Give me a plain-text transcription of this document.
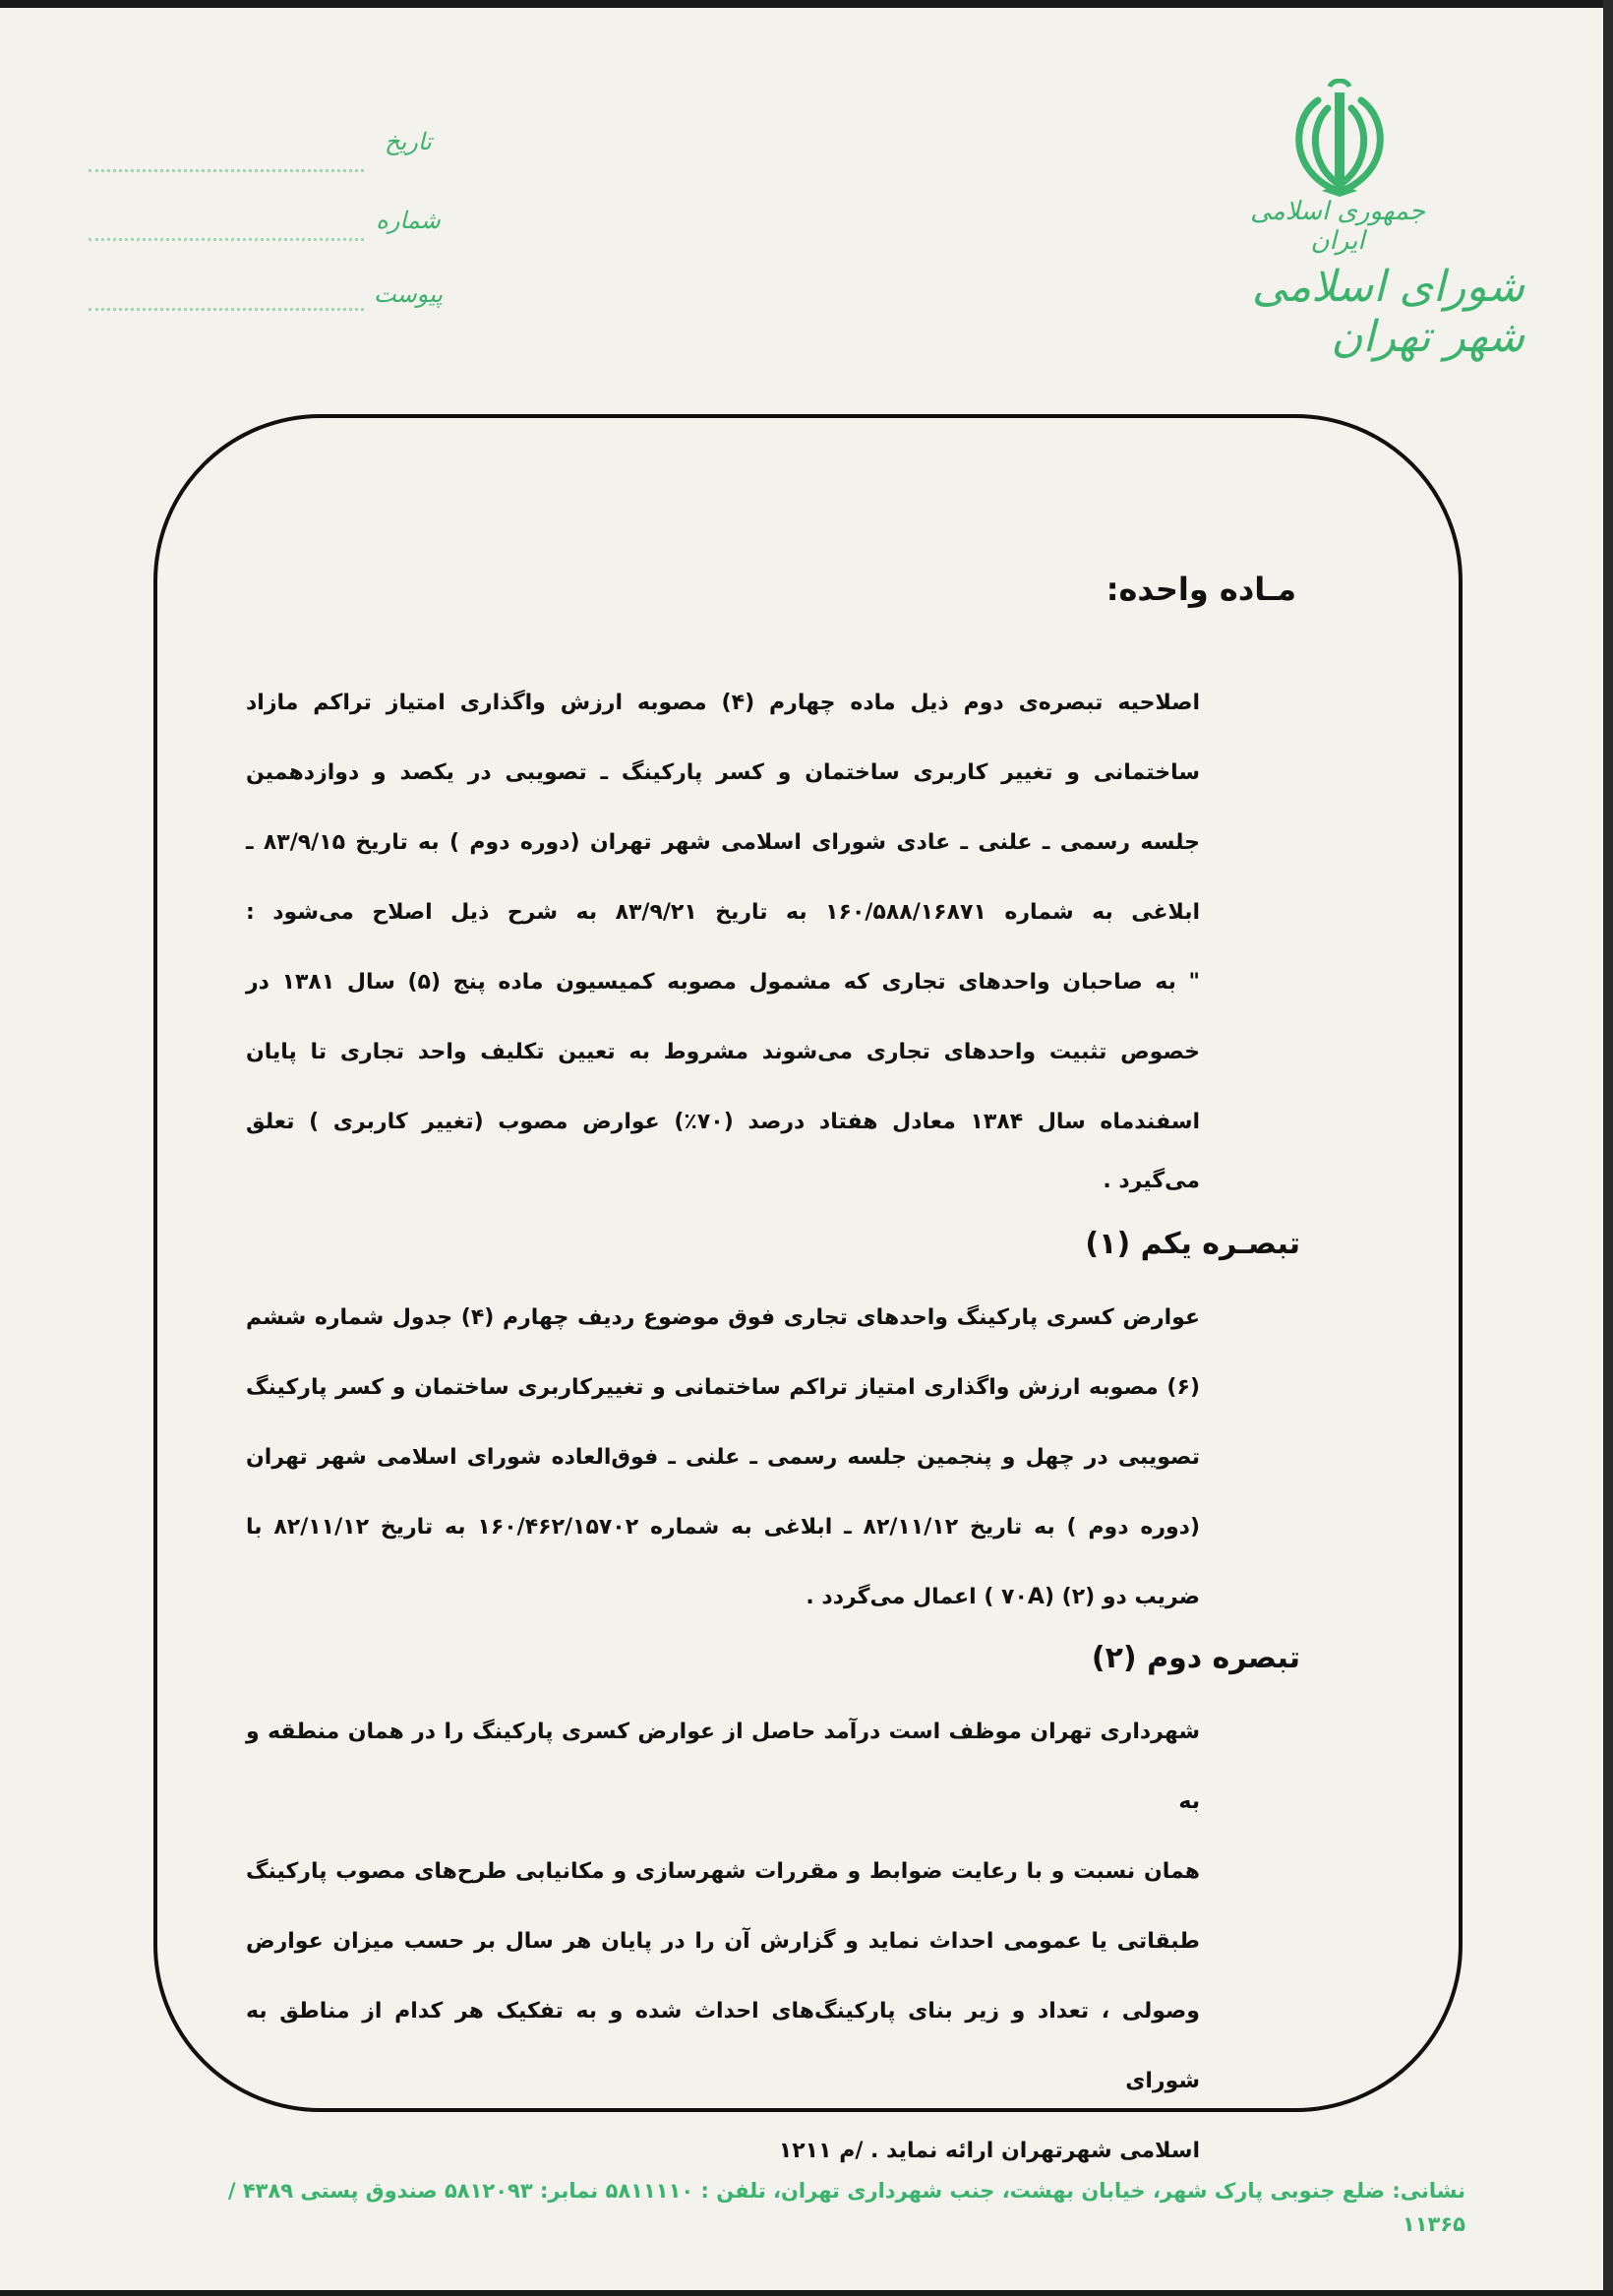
جمهوری اسلامی ایران
شورای اسلامی شهر تهران
تاریخ
شماره
پیوست
مـاده واحده:
اصلاحیه تبصره‌ی دوم ذیل ماده چهارم (۴) مصوبه ارزش واگذاری امتیاز تراکم مازاد
ساختمانی و تغییر کاربری ساختمان و کسر پارکینگ ـ تصویبی در یکصد و دوازدهمین
جلسه رسمی ـ علنی ـ عادی شورای اسلامی شهر تهران (دوره دوم ) به تاریخ ۸۳/۹/۱۵ ـ
ابلاغی به شماره ۱۶۰/۵۸۸/۱۶۸۷۱ به تاریخ ۸۳/۹/۲۱ به شرح ذیل اصلاح می‌شود :
" به صاحبان واحدهای تجاری که مشمول مصوبه کمیسیون ماده پنج (۵) سال ۱۳۸۱ در
خصوص تثبیت واحدهای تجاری می‌شوند مشروط به تعیین تکلیف واحد تجاری تا پایان
اسفندماه سال ۱۳۸۴ معادل هفتاد درصد (۷۰٪) عوارض مصوب (تغییر کاربری ) تعلق
می‌گیرد .
تبصـره یکم (۱)
عوارض کسری پارکینگ واحدهای تجاری فوق موضوع ردیف چهارم (۴) جدول شماره ششم
(۶) مصوبه ارزش واگذاری امتیاز تراکم ساختمانی و تغییرکاربری ساختمان و کسر پارکینگ
تصویبی در چهل و پنجمین جلسه رسمی ـ علنی ـ فوق‌العاده شورای اسلامی شهر تهران
(دوره دوم ) به تاریخ ۸۲/۱۱/۱۲ ـ ابلاغی به شماره ۱۶۰/۴۶۲/۱۵۷۰۲ به تاریخ ۸۲/۱۱/۱۲ با
ضریب دو (۲) (۷۰A ) اعمال می‌گردد .
تبصره دوم (۲)
شهرداری تهران موظف است درآمد حاصل از عوارض کسری پارکینگ را در همان منطقه و به
همان نسبت و با رعایت ضوابط و مقررات شهرسازی و مکانیابی طرح‌های مصوب پارکینگ
طبقاتی یا عمومی احداث نماید و گزارش آن را در پایان هر سال بر حسب میزان عوارض
وصولی ، تعداد و زیر بنای پارکینگ‌های احداث شده و به تفکیک هر کدام از مناطق به شورای
اسلامی شهرتهران ارائه نماید . /م ۱۲۱۱
نشانی: ضلع جنوبی پارک شهر، خیابان بهشت، جنب شهرداری تهران، تلفن : ۵۸۱۱۱۱۰ نمابر: ۵۸۱۲۰۹۳ صندوق پستی ۴۳۸۹ / ۱۱۳۶۵
